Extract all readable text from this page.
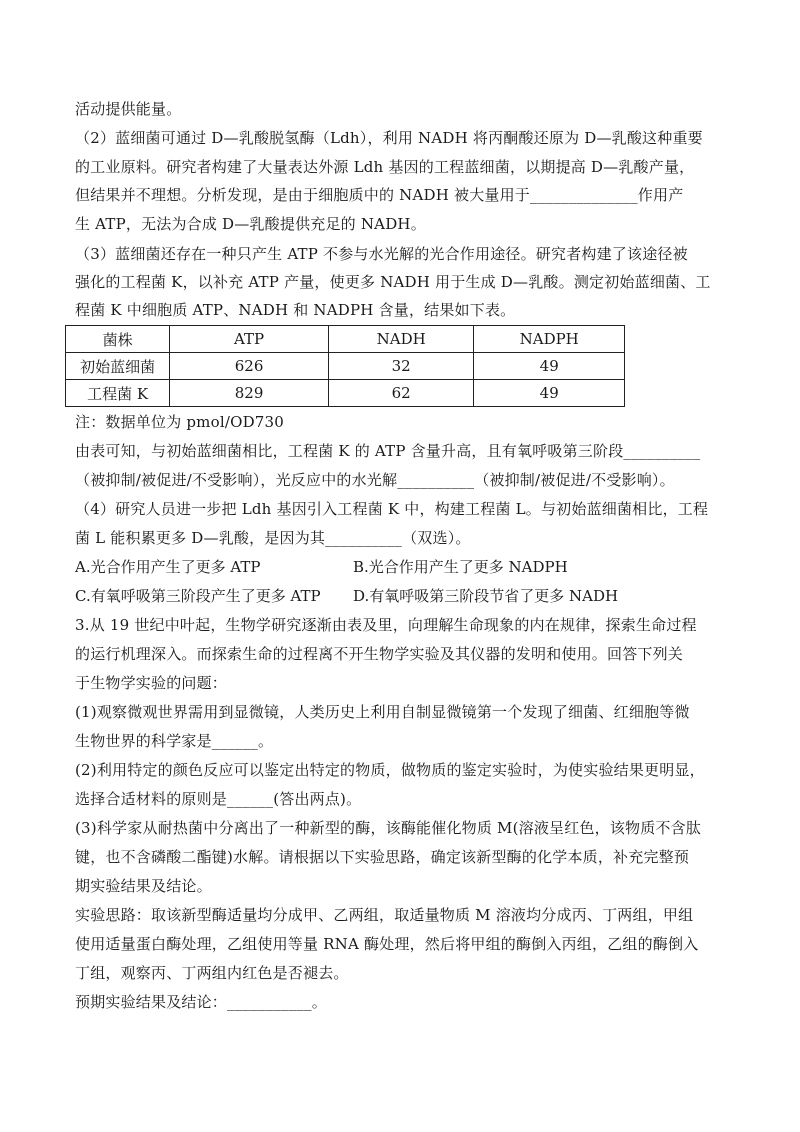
活动提供能量。
（2）蓝细菌可通过 D—乳酸脱氢酶（Ldh），利用 NADH 将丙酮酸还原为 D—乳酸这种重要
的工业原料。研究者构建了大量表达外源 Ldh 基因的工程蓝细菌，以期提高 D—乳酸产量，
但结果并不理想。分析发现，是由于细胞质中的 NADH 被大量用于______________作用产
生 ATP，无法为合成 D—乳酸提供充足的 NADH。
（3）蓝细菌还存在一种只产生 ATP 不参与水光解的光合作用途径。研究者构建了该途径被
强化的工程菌 K，以补充 ATP 产量，使更多 NADH 用于生成 D—乳酸。测定初始蓝细菌、工
程菌 K 中细胞质 ATP、NADH 和 NADPH 含量，结果如下表。
菌株	ATP	NADH	NADPH
初始蓝细菌	626	32	49
工程菌 K	829	62	49
注：数据单位为 pmol/OD730
由表可知，与初始蓝细菌相比，工程菌 K 的 ATP 含量升高，且有氧呼吸第三阶段__________
（被抑制/被促进/不受影响），光反应中的水光解__________（被抑制/被促进/不受影响）。
（4）研究人员进一步把 Ldh 基因引入工程菌 K 中，构建工程菌 L。与初始蓝细菌相比，工程
菌 L 能积累更多 D—乳酸，是因为其__________（双选）。
A.光合作用产生了更多 ATP	B.光合作用产生了更多 NADPH
C.有氧呼吸第三阶段产生了更多 ATP D.有氧呼吸第三阶段节省了更多 NADH
3.从 19 世纪中叶起，生物学研究逐渐由表及里，向理解生命现象的内在规律，探索生命过程
的运行机理深入。而探索生命的过程离不开生物学实验及其仪器的发明和使用。回答下列关
于生物学实验的问题：
(1)观察微观世界需用到显微镜，人类历史上利用自制显微镜第一个发现了细菌、红细胞等微
生物世界的科学家是______。
(2)利用特定的颜色反应可以鉴定出特定的物质，做物质的鉴定实验时，为使实验结果更明显，
选择合适材料的原则是______(答出两点)。
(3)科学家从耐热菌中分离出了一种新型的酶，该酶能催化物质 M(溶液呈红色，该物质不含肽
键，也不含磷酸二酯键)水解。请根据以下实验思路，确定该新型酶的化学本质，补充完整预
期实验结果及结论。
实验思路：取该新型酶适量均分成甲、乙两组，取适量物质 M 溶液均分成丙、丁两组，甲组
使用适量蛋白酶处理，乙组使用等量 RNA 酶处理，然后将甲组的酶倒入丙组，乙组的酶倒入
丁组，观察丙、丁两组内红色是否褪去。
预期实验结果及结论：___________。
